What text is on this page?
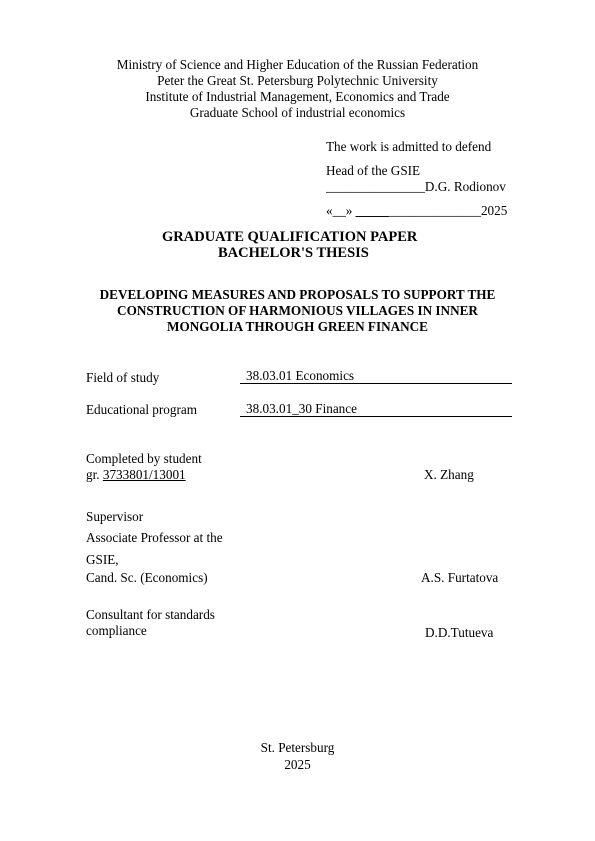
Ministry of Science and Higher Education of the Russian Federation
Peter the Great St. Petersburg Polytechnic University
Institute of Industrial Management, Economics and Trade
Graduate School of industrial economics
The work is admitted to defend
Head of the GSIE
_______________D.G. Rodionov
«__» ___________________2025
GRADUATE QUALIFICATION PAPER
BACHELOR'S THESIS
DEVELOPING MEASURES AND PROPOSALS TO SUPPORT THE
CONSTRUCTION OF HARMONIOUS VILLAGES IN INNER
MONGOLIA THROUGH GREEN FINANCE
Field of study	38.03.01 Economics
Educational program	38.03.01_30 Finance
Completed by student
gr. 3733801/13001	X. Zhang
Supervisor
Associate Professor at the
GSIE,
Cand. Sc. (Economics)	A.S. Furtatova
Consultant for standards
compliance	D.D.Tutueva
St. Petersburg
2025
